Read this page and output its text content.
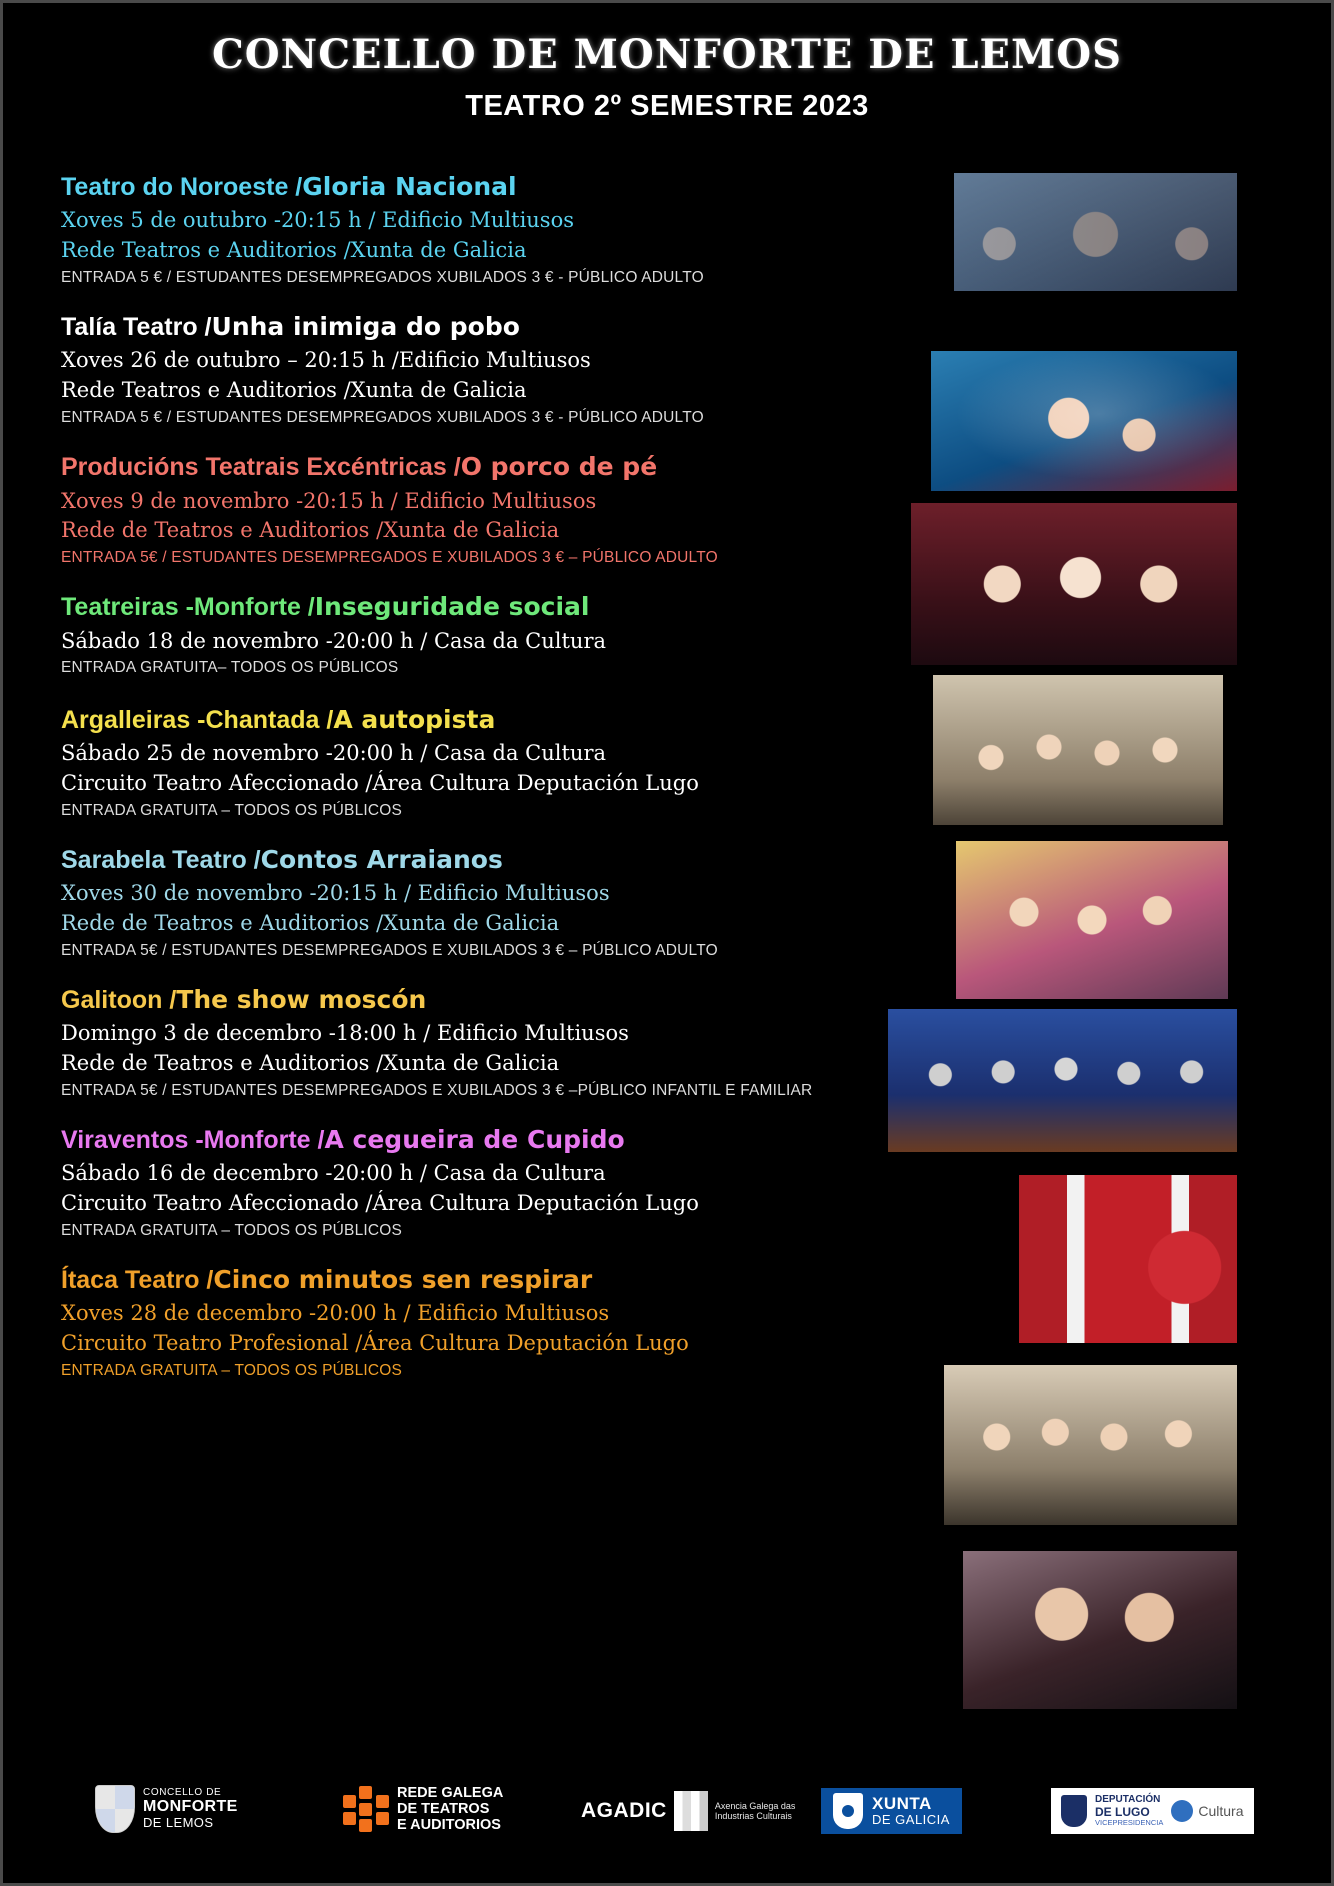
CONCELLO DE MONFORTE DE LEMOS
TEATRO 2º SEMESTRE 2023
Teatro do Noroeste /Gloria Nacional
Xoves 5 de outubro -20:15 h / Edificio Multiusos
Rede Teatros e Auditorios /Xunta de Galicia
ENTRADA 5 € / ESTUDANTES DESEMPREGADOS XUBILADOS 3 € - PÚBLICO ADULTO
Talía Teatro /Unha inimiga do pobo
Xoves 26 de outubro – 20:15 h /Edificio Multiusos
Rede Teatros e Auditorios /Xunta de Galicia
ENTRADA 5 € / ESTUDANTES DESEMPREGADOS XUBILADOS 3 € - PÚBLICO ADULTO
Producións Teatrais Excéntricas /O porco de pé
Xoves 9 de novembro -20:15 h / Edificio Multiusos
Rede de Teatros e Auditorios /Xunta de Galicia
ENTRADA 5€ / ESTUDANTES DESEMPREGADOS E XUBILADOS 3 € – PÚBLICO ADULTO
Teatreiras -Monforte /Inseguridade social
Sábado 18 de novembro -20:00 h / Casa da Cultura
ENTRADA GRATUITA– TODOS OS PÚBLICOS
Argalleiras -Chantada /A autopista
Sábado 25 de novembro -20:00 h / Casa da Cultura
Circuito Teatro Afeccionado /Área Cultura Deputación Lugo
ENTRADA GRATUITA – TODOS OS PÚBLICOS
Sarabela Teatro /Contos Arraianos
Xoves 30 de novembro -20:15 h / Edificio Multiusos
Rede de Teatros e Auditorios /Xunta de Galicia
ENTRADA 5€ / ESTUDANTES DESEMPREGADOS E XUBILADOS 3 € – PÚBLICO ADULTO
Galitoon /The show moscón
Domingo 3 de decembro -18:00 h / Edificio Multiusos
Rede de Teatros e Auditorios /Xunta de Galicia
ENTRADA 5€ / ESTUDANTES DESEMPREGADOS E XUBILADOS 3 € –PÚBLICO INFANTIL E FAMILIAR
Viraventos -Monforte /A cegueira de Cupido
Sábado 16 de decembro -20:00 h / Casa da Cultura
Circuito Teatro Afeccionado /Área Cultura Deputación Lugo
ENTRADA GRATUITA – TODOS OS PÚBLICOS
Ítaca Teatro /Cinco minutos sen respirar
Xoves 28 de decembro -20:00 h / Edificio Multiusos
Circuito Teatro Profesional /Área Cultura Deputación Lugo
ENTRADA GRATUITA – TODOS OS PÚBLICOS
CONCELLO DE
MONFORTE
DE LEMOS
REDE GALEGA
DE TEATROS
E AUDITORIOS
AGADIC	Axencia Galega das
Industrias Culturais
XUNTA
DE GALICIA
DEPUTACIÓN
DE LUGO
VICEPRESIDENCIA
Cultura
